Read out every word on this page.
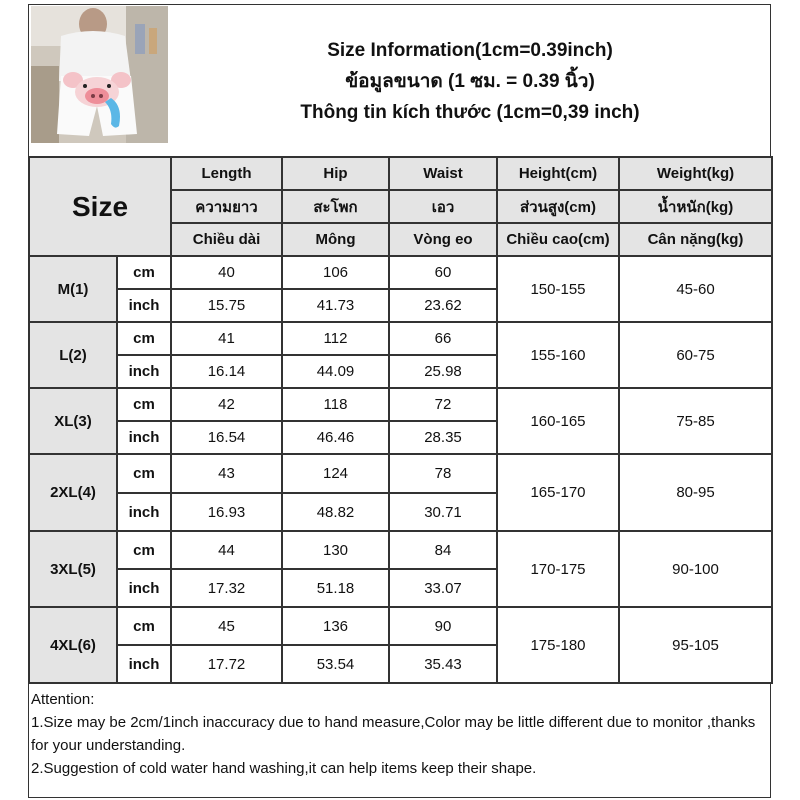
Size Information(1cm=0.39inch)
ข้อมูลขนาด (1 ซม. = 0.39 นิ้ว)
Thông tin kích thước (1cm=0,39 inch)
Size		Length	Hip	Waist	Height(cm)	Weight(kg)
		ความยาว	สะโพก	เอว	ส่วนสูง(cm)	น้ำหนัก(kg)
		Chiều dài	Mông	Vòng eo	Chiều cao(cm)	Cân nặng(kg)
M(1)	cm	40	106	60	150-155	45-60
	inch	15.75	41.73	23.62		
L(2)	cm	41	112	66	155-160	60-75
	inch	16.14	44.09	25.98		
XL(3)	cm	42	118	72	160-165	75-85
	inch	16.54	46.46	28.35		
2XL(4)	cm	43	124	78	165-170	80-95
	inch	16.93	48.82	30.71		
3XL(5)	cm	44	130	84	170-175	90-100
	inch	17.32	51.18	33.07		
4XL(6)	cm	45	136	90	175-180	95-105
	inch	17.72	53.54	35.43		
Attention:
1.Size may be 2cm/1inch inaccuracy due to hand measure,Color may be little different due to monitor ,thanks for your understanding.
2.Suggestion of cold water hand washing,it can help items keep their shape.
